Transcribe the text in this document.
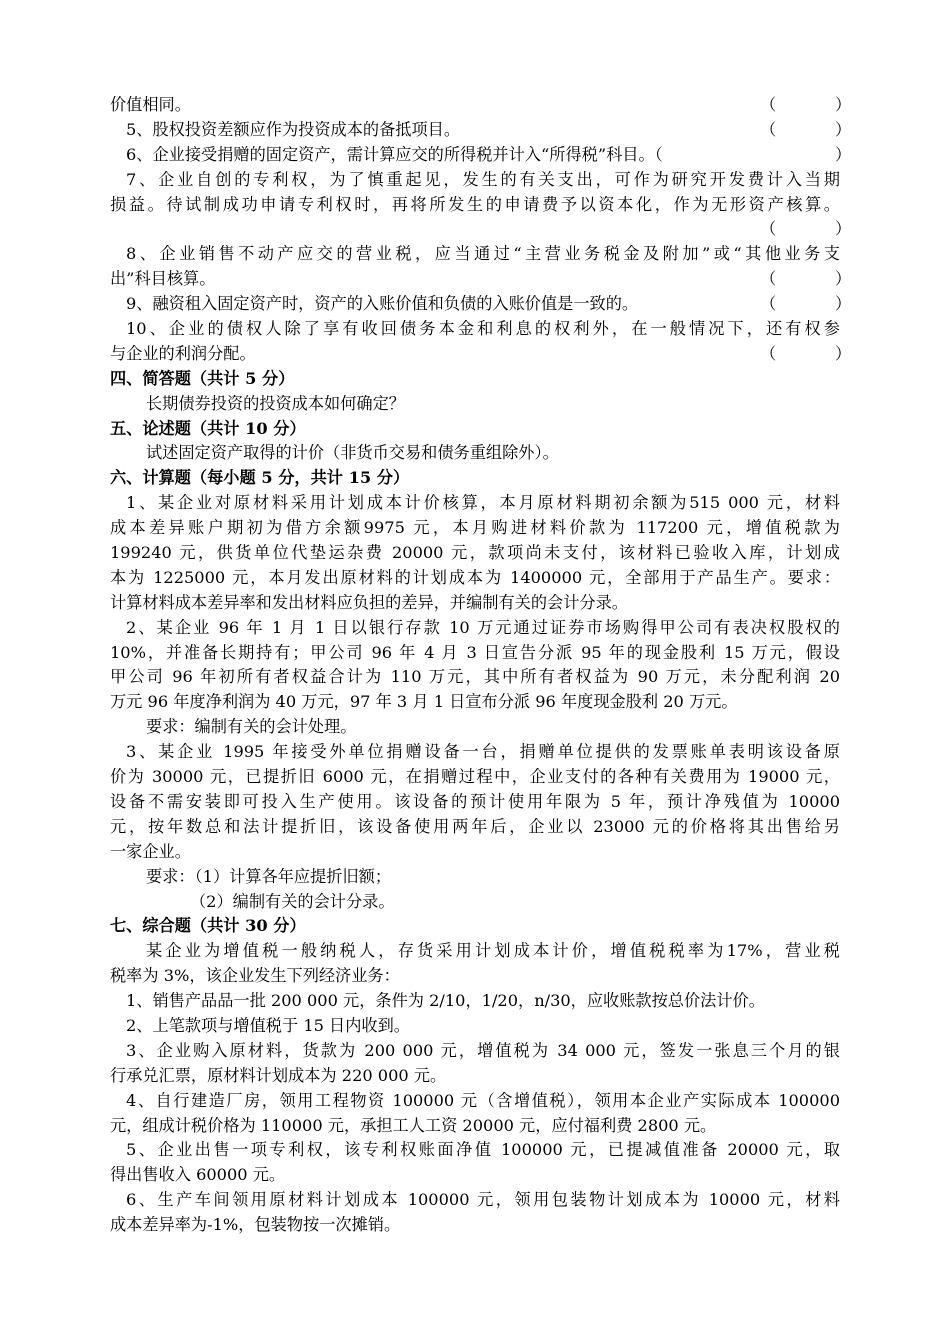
价值相同。	（	）
5、股权投资差额应作为投资成本的备抵项目。	（	）
6、企业接受捐赠的固定资产，需计算应交的所得税并计入“所得税”科目。（	）
7、企业自创的专利权，为了慎重起见，发生的有关支出，可作为研究开发费计入当期
损益。待试制成功申请专利权时，再将所发生的申请费予以资本化，作为无形资产核算。
（	）
8、企业销售不动产应交的营业税，应当通过“主营业务税金及附加”或“其他业务支
出”科目核算。	（	）
9、融资租入固定资产时，资产的入账价值和负债的入账价值是一致的。	（	）
10、企业的债权人除了享有收回债务本金和利息的权利外，在一般情况下，还有权参
与企业的利润分配。	（	）
四、简答题（共计 5 分）
长期债券投资的投资成本如何确定？
五、论述题（共计 10 分）
试述固定资产取得的计价（非货币交易和债务重组除外）。
六、计算题（每小题 5 分，共计 15 分）
1、某企业对原材料采用计划成本计价核算，本月原材料期初余额为515 000 元，材料
成本差异账户期初为借方余额9975 元，本月购进材料价款为 117200 元，增值税款为
199240 元，供货单位代垫运杂费 20000 元，款项尚未支付，该材料已验收入库，计划成
本为 1225000 元，本月发出原材料的计划成本为 1400000 元，全部用于产品生产。要求：
计算材料成本差异率和发出材料应负担的差异，并编制有关的会计分录。
2、某企业 96 年 1 月 1 日以银行存款 10 万元通过证券市场购得甲公司有表决权股权的
10%，并准备长期持有；甲公司 96 年 4 月 3 日宣告分派 95 年的现金股利 15 万元，假设
甲公司 96 年初所有者权益合计为 110 万元，其中所有者权益为 90 万元，未分配利润 20
万元 96 年度净利润为 40 万元，97 年 3 月 1 日宣布分派 96 年度现金股利 20 万元。
要求：编制有关的会计处理。
3、某企业 1995 年接受外单位捐赠设备一台，捐赠单位提供的发票账单表明该设备原
价为 30000 元，已提折旧 6000 元，在捐赠过程中，企业支付的各种有关费用为 19000 元，
设备不需安装即可投入生产使用。该设备的预计使用年限为 5 年，预计净残值为 10000
元，按年数总和法计提折旧，该设备使用两年后，企业以 23000 元的价格将其出售给另
一家企业。
要求：（1）计算各年应提折旧额；
（2）编制有关的会计分录。
七、综合题（共计 30 分）
某企业为增值税一般纳税人，存货采用计划成本计价，增值税税率为17%，营业税
税率为 3%，该企业发生下列经济业务：
1、销售产品品一批 200 000 元，条件为 2/10，1/20，n/30，应收账款按总价法计价。
2、上笔款项与增值税于 15 日内收到。
3、企业购入原材料，货款为 200 000 元，增值税为 34 000 元，签发一张息三个月的银
行承兑汇票，原材料计划成本为 220 000 元。
4、自行建造厂房，领用工程物资 100000 元（含增值税），领用本企业产实际成本 100000
元，组成计税价格为 110000 元，承担工人工资 20000 元，应付福利费 2800 元。
5、企业出售一项专利权，该专利权账面净值 100000 元，已提减值准备 20000 元，取
得出售收入 60000 元。
6、生产车间领用原材料计划成本 100000 元，领用包装物计划成本为 10000 元，材料
成本差异率为-1%，包装物按一次摊销。
